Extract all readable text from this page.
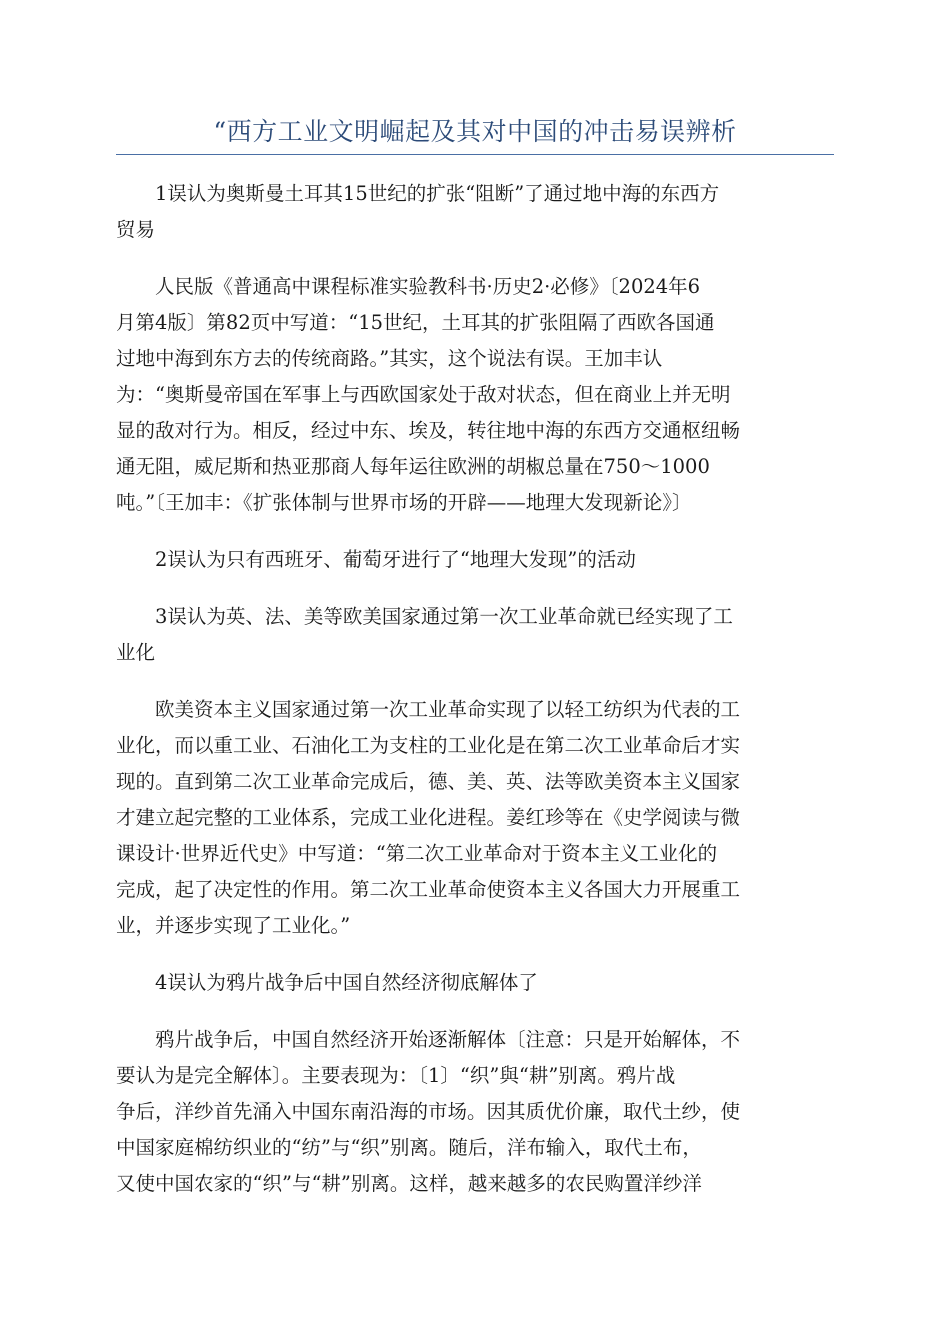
“西方工业文明崛起及其对中国的冲击易误辨析
1误认为奥斯曼土耳其15世纪的扩张“阻断”了通过地中海的东西方
贸易
人民版《普通高中课程标准实验教科书·历史2·必修》〔2024年6
月第4版〕第82页中写道：“15世纪，土耳其的扩张阻隔了西欧各国通
过地中海到东方去的传统商路。”其实，这个说法有误。王加丰认
为：“奥斯曼帝国在军事上与西欧国家处于敌对状态，但在商业上并无明
显的敌对行为。相反，经过中东、埃及，转往地中海的东西方交通枢纽畅
通无阻，威尼斯和热亚那商人每年运往欧洲的胡椒总量在750～1000
吨。”〔王加丰：《扩张体制与世界市场的开辟——地理大发现新论》〕
2误认为只有西班牙、葡萄牙进行了“地理大发现”的活动
3误认为英、法、美等欧美国家通过第一次工业革命就已经实现了工
业化
欧美资本主义国家通过第一次工业革命实现了以轻工纺织为代表的工
业化，而以重工业、石油化工为支柱的工业化是在第二次工业革命后才实
现的。直到第二次工业革命完成后，德、美、英、法等欧美资本主义国家
才建立起完整的工业体系，完成工业化进程。姜红珍等在《史学阅读与微
课设计·世界近代史》中写道：“第二次工业革命对于资本主义工业化的
完成，起了决定性的作用。第二次工业革命使资本主义各国大力开展重工
业，并逐步实现了工业化。”
4误认为鸦片战争后中国自然经济彻底解体了
鸦片战争后，中国自然经济开始逐渐解体〔注意：只是开始解体，不
要认为是完全解体〕。主要表现为：〔1〕“织”與“耕”别离。鸦片战
争后，洋纱首先涌入中国东南沿海的市场。因其质优价廉，取代土纱，使
中国家庭棉纺织业的“纺”与“织”别离。随后，洋布输入，取代土布，
又使中国农家的“织”与“耕”别离。这样，越来越多的农民购置洋纱洋
